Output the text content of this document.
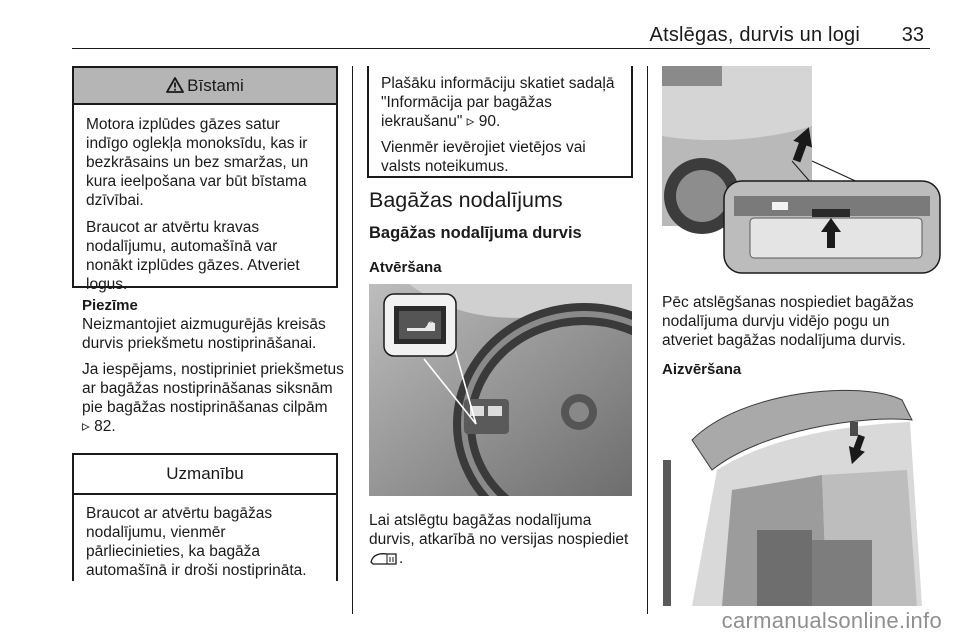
Atslēgas, durvis un logi 33
Bīstami

Motora izplūdes gāzes satur indīgo oglekļa monoksīdu, kas ir bezkrāsains un bez smaržas, un kura ieelpošana var būt bīstama dzīvībai.

Braucot ar atvērtu kravas nodalījumu, automašīnā var nonākt izplūdes gāzes. Atveriet logus.

Piezīme

Neizmantojiet aizmugurējās kreisās durvis priekšmetu nostiprināšanai.

Ja iespējams, nostipriniet priekšmetus ar bagāžas nostiprināšanas siksnām pie bagāžas nostiprināšanas cilpām
▹ 82.

Uzmanību

Braucot ar atvērtu bagāžas nodalījumu, vienmēr pārliecinieties, ka bagāža automašīnā ir droši nostiprināta.

Plašāku informāciju skatiet sadaļā "Informācija par bagāžas iekraušanu" ▹ 90.

Vienmēr ievērojiet vietējos vai valsts noteikumus.

Bagāžas nodalījums
Bagāžas nodalījuma durvis
Atvēršana
Lai atslēgtu bagāžas nodalījuma durvis, atkarībā no versijas nospiediet .
Pēc atslēgšanas nospiediet bagāžas nodalījuma durvju vidējo pogu un atveriet bagāžas nodalījuma durvis.
Aizvēršana
carmanualsonline.info
